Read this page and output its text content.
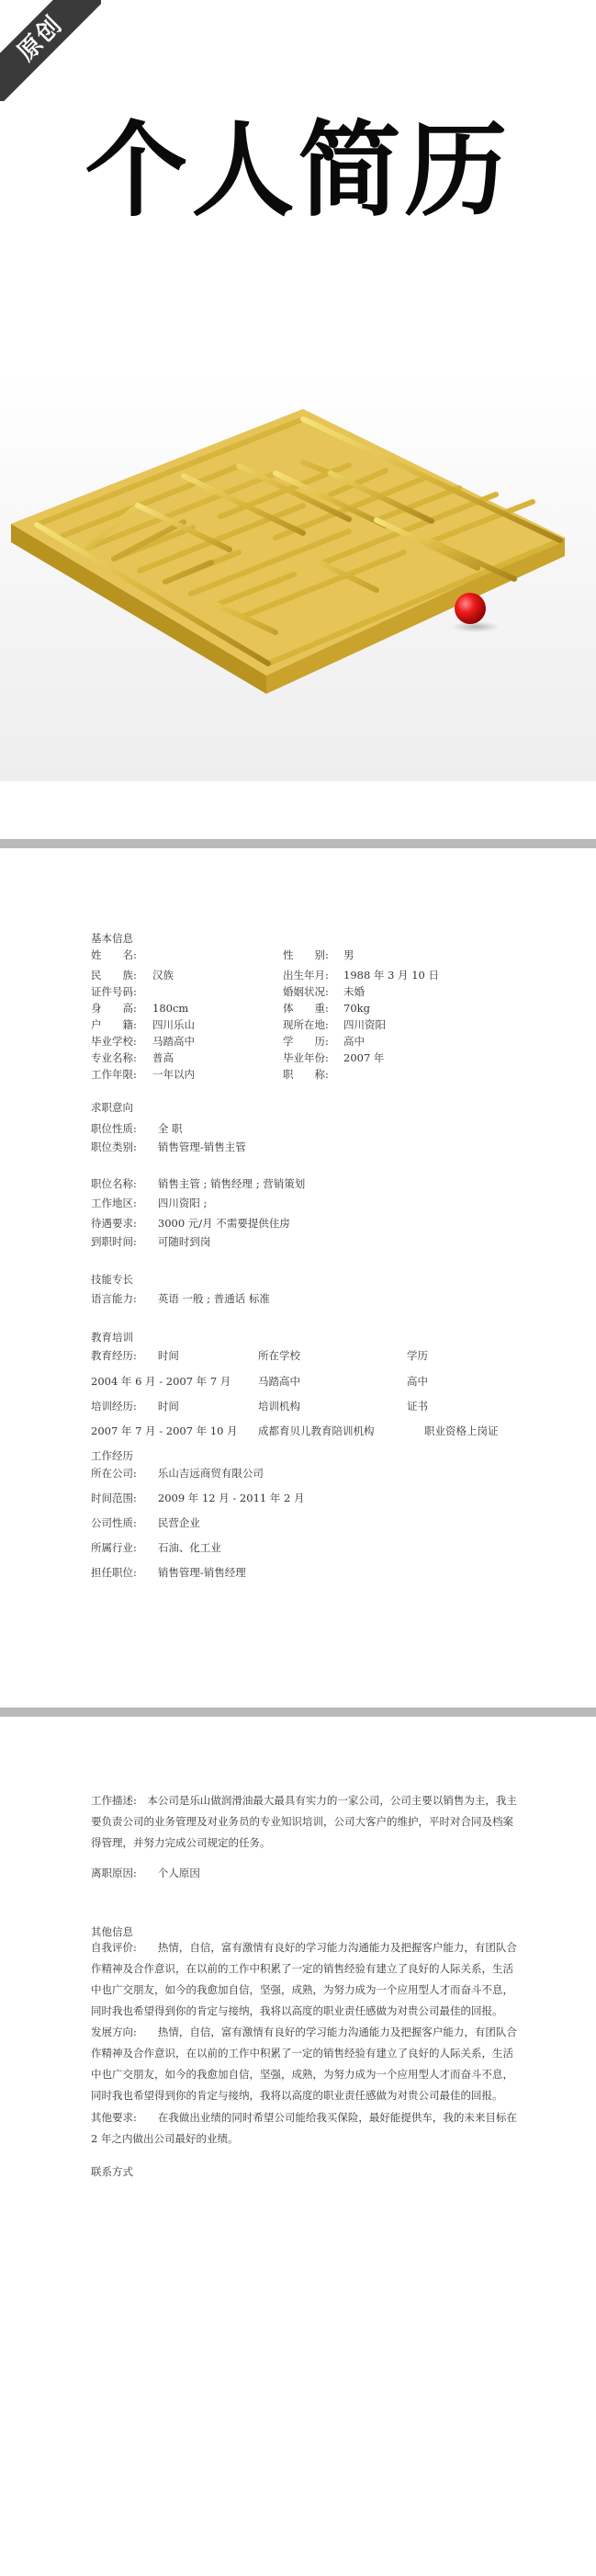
原创
个人简历
基本信息
姓　　名:	性　　别: 男
民　　族: 汉族	出生年月: 1988 年 3 月 10 日
证件号码:	婚姻状况: 未婚
身　　高: 180cm	体　　重: 70kg
户　　籍: 四川乐山	现所在地: 四川资阳
毕业学校: 马踏高中	学　　历: 高中
专业名称: 普高	毕业年份: 2007 年
工作年限: 一年以内	职　　称:
求职意向
职位性质:　　全 职
职位类别:　　销售管理-销售主管
职位名称:　　销售主管 ; 销售经理 ; 营销策划
工作地区:　　四川资阳 ;
待遇要求:　　3000 元/月 不需要提供住房
到职时间:　　可随时到岗
技能专长
语言能力:　　英语 一般 ; 普通话 标准
教育培训
教育经历:　　时间	所在学校	学历
2004 年 6 月 - 2007 年 7 月	马踏高中	高中
培训经历:　　时间	培训机构	证书
2007 年 7 月 - 2007 年 10 月 成都育贝儿教育陪训机构	职业资格上岗证
工作经历
所在公司:　　乐山吉远商贸有限公司
时间范围:　　2009 年 12 月 - 2011 年 2 月
公司性质:　　民营企业
所属行业:　　石油、化工业
担任职位:　　销售管理-销售经理
工作描述:　本公司是乐山做润滑油最大最具有实力的一家公司，公司主要以销售为主，我主要负责公司的业务管理及对业务员的专业知识培训，公司大客户的维护，平时对合同及档案得管理，并努力完成公司规定的任务。
离职原因:　　个人原因
其他信息
自我评价:　　热情，自信，富有激情有良好的学习能力沟通能力及把握客户能力，有团队合作精神及合作意识，在以前的工作中积累了一定的销售经验有建立了良好的人际关系，生活中也广交朋友，如今的我愈加自信，坚强，成熟，为努力成为一个应用型人才而奋斗不息，同时我也希望得到你的肯定与接纳，我将以高度的职业责任感做为对贵公司最佳的回报。
发展方向:　　热情，自信，富有激情有良好的学习能力沟通能力及把握客户能力，有团队合作精神及合作意识，在以前的工作中积累了一定的销售经验有建立了良好的人际关系，生活中也广交朋友，如今的我愈加自信，坚强，成熟，为努力成为一个应用型人才而奋斗不息，同时我也希望得到你的肯定与接纳，我将以高度的职业责任感做为对贵公司最佳的回报。
其他要求:　　在我做出业绩的同时希望公司能给我买保险，最好能提供车，我的未来目标在 2 年之内做出公司最好的业绩。
联系方式
